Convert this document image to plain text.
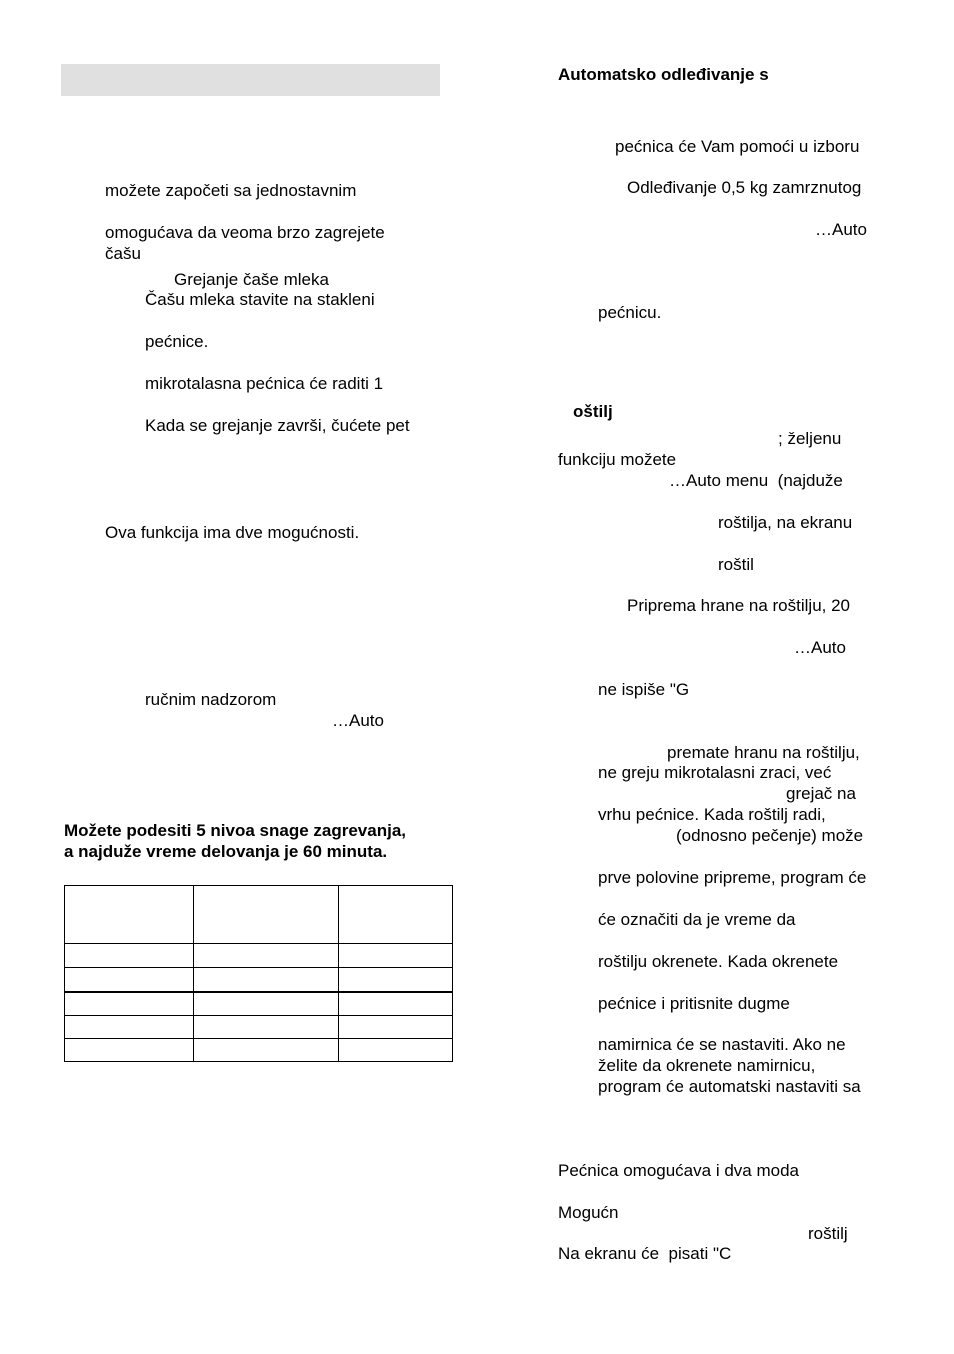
možete započeti sa jednostavnim
omogućava da veoma brzo zagrejete
čašu
Grejanje čaše mleka
Čašu mleka stavite na stakleni
pećnice.
mikrotalasna pećnica će raditi 1
Kada se grejanje završi, čućete pet
Ova funkcija ima dve mogućnosti.
ručnim nadzorom
…Auto
Možete podesiti 5 nivoa snage zagrevanja,
a najduže vreme delovanja je 60 minuta.

Automatsko odleđivanje s
pećnica će Vam pomoći u izboru
Odleđivanje 0,5 kg zamrznutog
…Auto
pećnicu.
oštilj
; željenu
funkciju možete
…Auto menu  (najduže
roštilja, na ekranu
roštil
Priprema hrane na roštilju, 20
…Auto
ne ispiše "G
premate hranu na roštilju,
ne greju mikrotalasni zraci, već
grejač na
vrhu pećnice. Kada roštilj radi,
(odnosno pečenje) može
prve polovine pripreme, program će
će označiti da je vreme da
roštilju okrenete. Kada okrenete
pećnice i pritisnite dugme
namirnica će se nastaviti. Ako ne
želite da okrenete namirnicu,
program će automatski nastaviti sa
Pećnica omogućava i dva moda
Mogućn
roštilj
Na ekranu će  pisati "C
